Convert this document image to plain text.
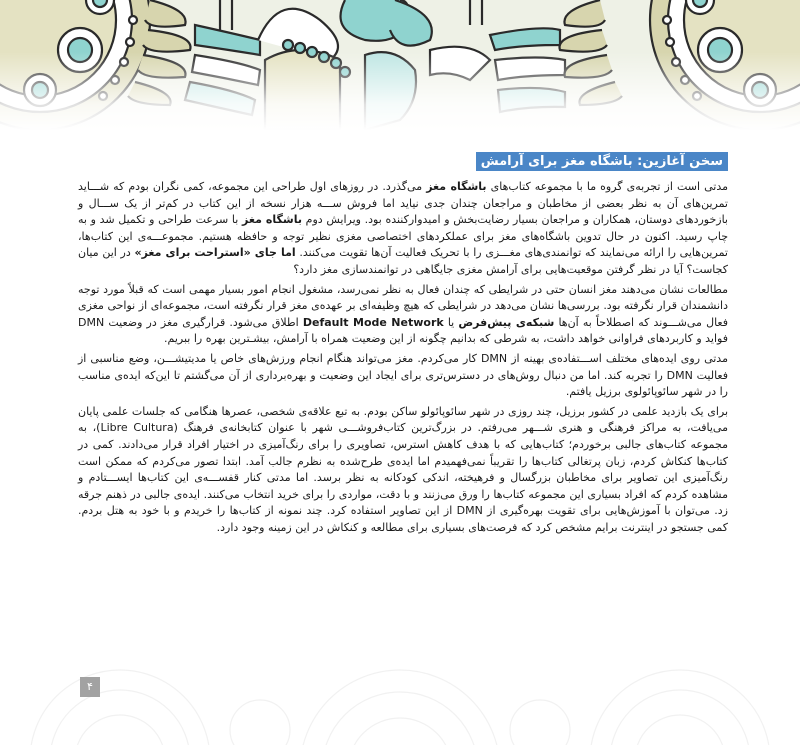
سخن آغازین: باشگاه مغز برای آرامش

مدتی است از تجربه‌ی گروه ما با مجموعه کتاب‌های باشگاه مغز می‌گذرد. در روزهای اول طراحی این مجموعه، کمی نگران بودم که شـــاید تمرین‌های آن به نظر بعضی از مخاطبان و مراجعان چندان جدی نیاید اما فروش ســـه هزار نسخه از این کتاب در کم‌تر از یک ســـال و بازخوردهای دوستان، همکاران و مراجعان بسیار رضایت‌بخش و امیدوارکننده بود. ویرایش دوم باشگاه مغز با سرعت طراحی و تکمیل شد و به چاپ رسید. اکنون در حال تدوین باشگاه‌های مغز برای عملکردهای اختصاصی مغزی نظیر توجه و حافظه هستیم. مجموعـــه‌ی این کتاب‌ها، تمرین‌هایی را ارائه می‌نمایند که توانمندی‌های مغـــزی را با تحریک فعالیت آن‌ها تقویت می‌کنند. اما جای «استراحت برای مغز» در این میان کجاست؟ آیا در نظر گرفتن موقعیت‌هایی برای آرامش مغزی جایگاهی در توانمندسازی مغز دارد؟

مطالعات نشان می‌دهند مغز انسان حتی در شرایطی که چندان فعال به نظر نمی‌رسد، مشغول انجام امور بسیار مهمی است که قبلاً مورد توجه دانشمندان قرار نگرفته بود. بررسی‌ها نشان می‌دهد در شرایطی که هیچ وظیفه‌ای بر عهده‌ی مغز قرار نگرفته است، مجموعه‌ای از نواحی مغزی فعال می‌شـــوند که اصطلاحاً به آن‌ها شبکه‌ی پیش‌فرض یا Default Mode Network اطلاق می‌شود. قرارگیری مغز در وضعیت DMN فواید و کاربردهای فراوانی خواهد داشت، به شرطی که بدانیم چگونه از این وضعیت همراه با آرامش، بیشـترین بهره را ببریم.

مدتی روی ایده‌های مختلف اســـتفاده‌ی بهینه از DMN کار می‌کردم. مغز می‌تواند هنگام انجام ورزش‌های خاص یا مدیتیشـــن، وضع مناسبی از فعالیت DMN را تجربه کند. اما من دنبال روش‌های در دسترس‌تری برای ایجاد این وضعیت و بهره‌برداری از آن می‌گشتم تا این‌که ایده‌ی مناسب را در شهر سائوپائولوی برزیل یافتم.

برای یک بازدید علمی در کشور برزیل، چند روزی در شهر سائوپائولو ساکن بودم. به تبع علاقه‌ی شخصی، عصرها هنگامی که جلسات علمی پایان می‌یافت، به مراکز فرهنگی و هنری شـــهر می‌رفتم. در بزرگ‌ترین کتاب‌فروشـــی شهر با عنوان کتابخانه‌ی فرهنگ (Libre Cultura)، به مجموعه کتاب‌های جالبی برخوردم؛ کتاب‌هایی که با هدف کاهش استرس، تصاویری را برای رنگ‌آمیزی در اختیار افراد قرار می‌دادند. کمی در کتاب‌ها کنکاش کردم، زبان پرتغالی کتاب‌ها را تقریباً نمی‌فهمیدم اما ایده‌ی طرح‌شده به نظرم جالب آمد. ابتدا تصور می‌کردم که ممکن است رنگ‌آمیزی این تصاویر برای مخاطبان بزرگسال و فرهیخته، اندکی کودکانه به نظر برسد. اما مدتی کنار قفســـه‌ی این کتاب‌ها ایســـتادم و مشاهده کردم که افراد بسیاری این مجموعه کتاب‌ها را ورق می‌زنند و با دقت، مواردی را برای خرید انتخاب می‌کنند. ایده‌ی جالبی در ذهنم جرقه زد. می‌توان با آموزش‌هایی برای تقویت بهره‌گیری از DMN از این تصاویر استفاده کرد. چند نمونه از کتاب‌ها را خریدم و با خود به هتل بردم. کمی جستجو در اینترنت برایم مشخص کرد که فرصت‌های بسیاری برای مطالعه و کنکاش در این زمینه وجود دارد.

۴
